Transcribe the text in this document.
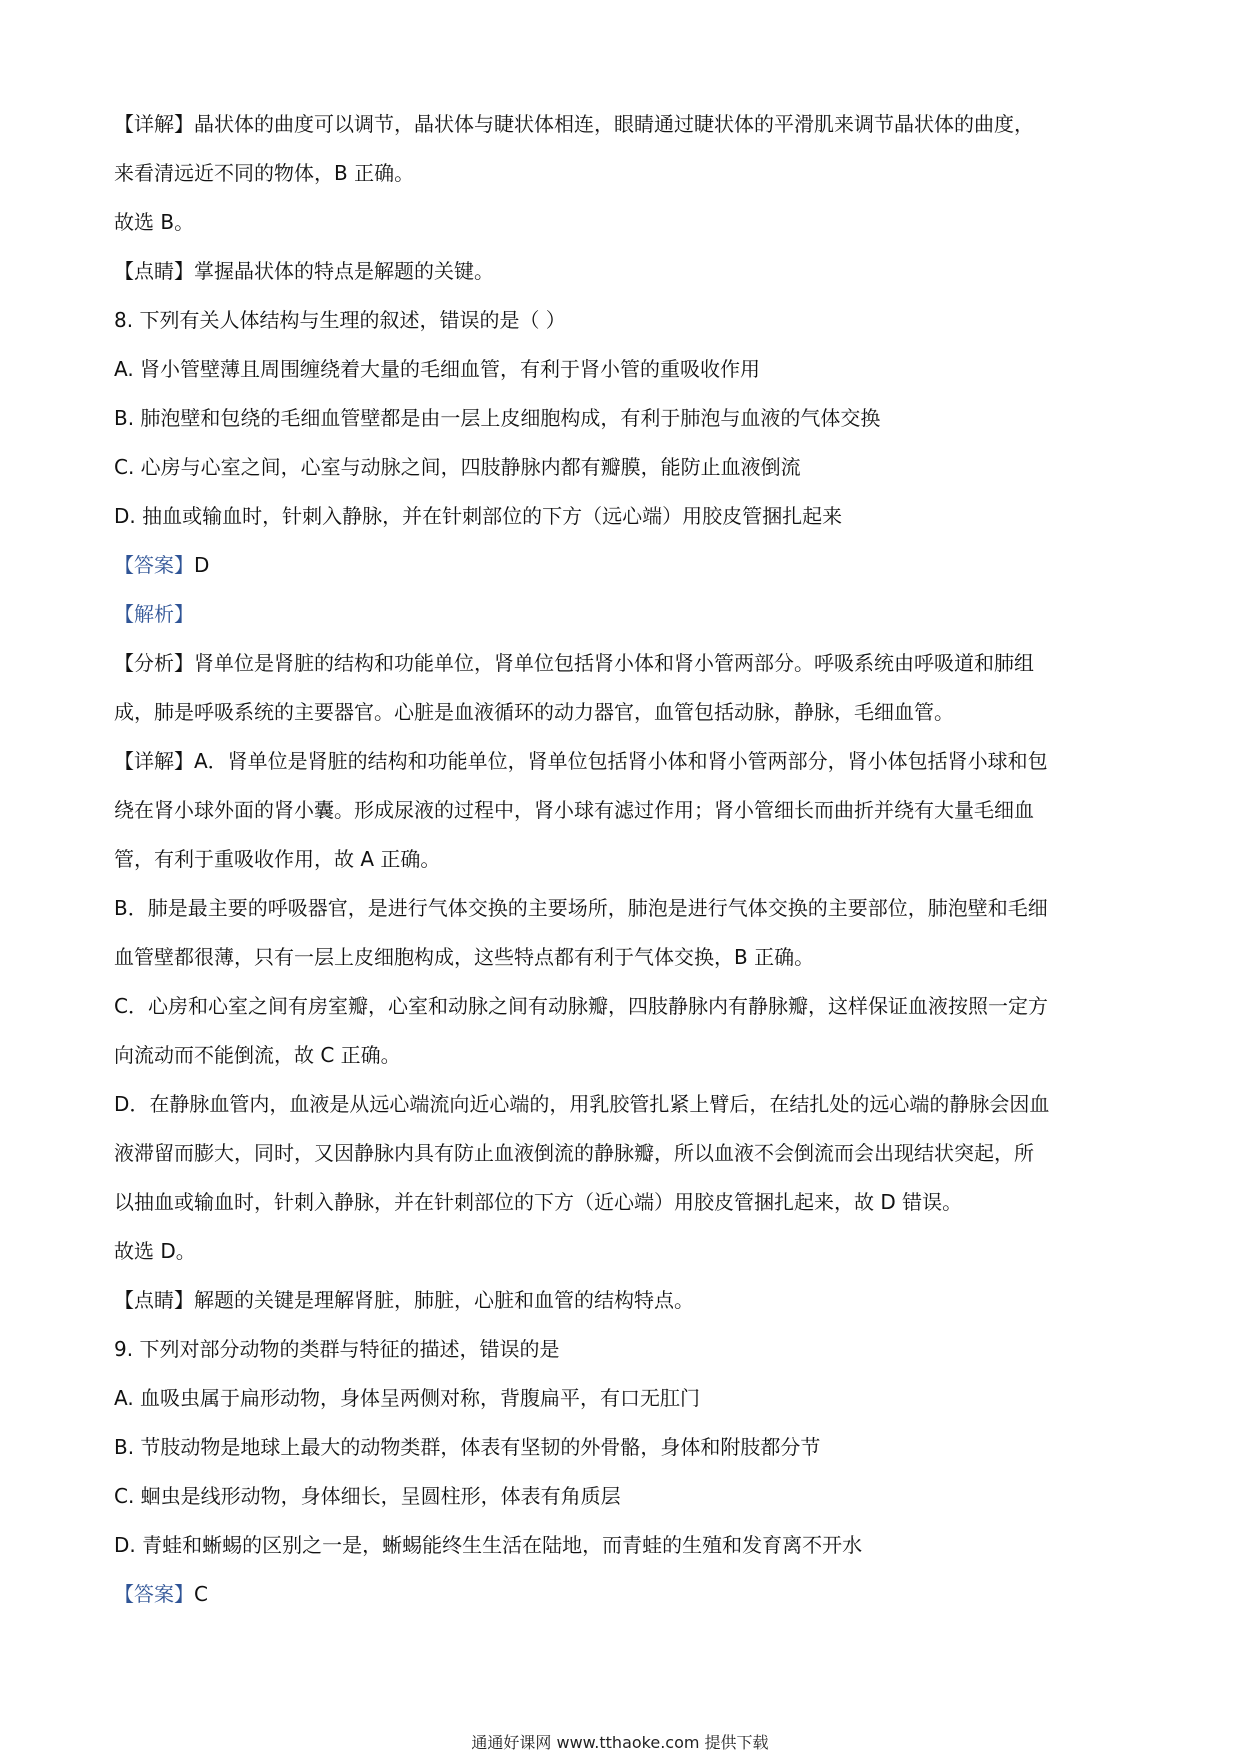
【详解】晶状体的曲度可以调节，晶状体与睫状体相连，眼睛通过睫状体的平滑肌来调节晶状体的曲度，

来看清远近不同的物体，B 正确。

故选 B。

【点睛】掌握晶状体的特点是解题的关键。

8. 下列有关人体结构与生理的叙述，错误的是（ ）

A. 肾小管壁薄且周围缠绕着大量的毛细血管，有利于肾小管的重吸收作用

B. 肺泡壁和包绕的毛细血管壁都是由一层上皮细胞构成，有利于肺泡与血液的气体交换

C. 心房与心室之间，心室与动脉之间，四肢静脉内都有瓣膜，能防止血液倒流

D. 抽血或输血时，针刺入静脉，并在针刺部位的下方（远心端）用胶皮管捆扎起来

【答案】D

【解析】

【分析】肾单位是肾脏的结构和功能单位，肾单位包括肾小体和肾小管两部分。呼吸系统由呼吸道和肺组

成，肺是呼吸系统的主要器官。心脏是血液循环的动力器官，血管包括动脉，静脉，毛细血管。

【详解】A．肾单位是肾脏的结构和功能单位，肾单位包括肾小体和肾小管两部分，肾小体包括肾小球和包

绕在肾小球外面的肾小囊。形成尿液的过程中，肾小球有滤过作用；肾小管细长而曲折并绕有大量毛细血

管，有利于重吸收作用，故 A 正确。

B．肺是最主要的呼吸器官，是进行气体交换的主要场所，肺泡是进行气体交换的主要部位，肺泡壁和毛细

血管壁都很薄，只有一层上皮细胞构成，这些特点都有利于气体交换，B 正确。

C．心房和心室之间有房室瓣，心室和动脉之间有动脉瓣，四肢静脉内有静脉瓣，这样保证血液按照一定方

向流动而不能倒流，故 C 正确。

D．在静脉血管内，血液是从远心端流向近心端的，用乳胶管扎紧上臂后，在结扎处的远心端的静脉会因血

液滞留而膨大，同时，又因静脉内具有防止血液倒流的静脉瓣，所以血液不会倒流而会出现结状突起，所

以抽血或输血时，针刺入静脉，并在针刺部位的下方（近心端）用胶皮管捆扎起来，故 D 错误。

故选 D。

【点睛】解题的关键是理解肾脏，肺脏，心脏和血管的结构特点。

9. 下列对部分动物的类群与特征的描述，错误的是

A. 血吸虫属于扁形动物，身体呈两侧对称，背腹扁平，有口无肛门

B. 节肢动物是地球上最大的动物类群，体表有坚韧的外骨骼，身体和附肢都分节

C. 蛔虫是线形动物，身体细长，呈圆柱形，体表有角质层

D. 青蛙和蜥蜴的区别之一是，蜥蜴能终生生活在陆地，而青蛙的生殖和发育离不开水

【答案】C

通通好课网 www.tthaoke.com 提供下载
